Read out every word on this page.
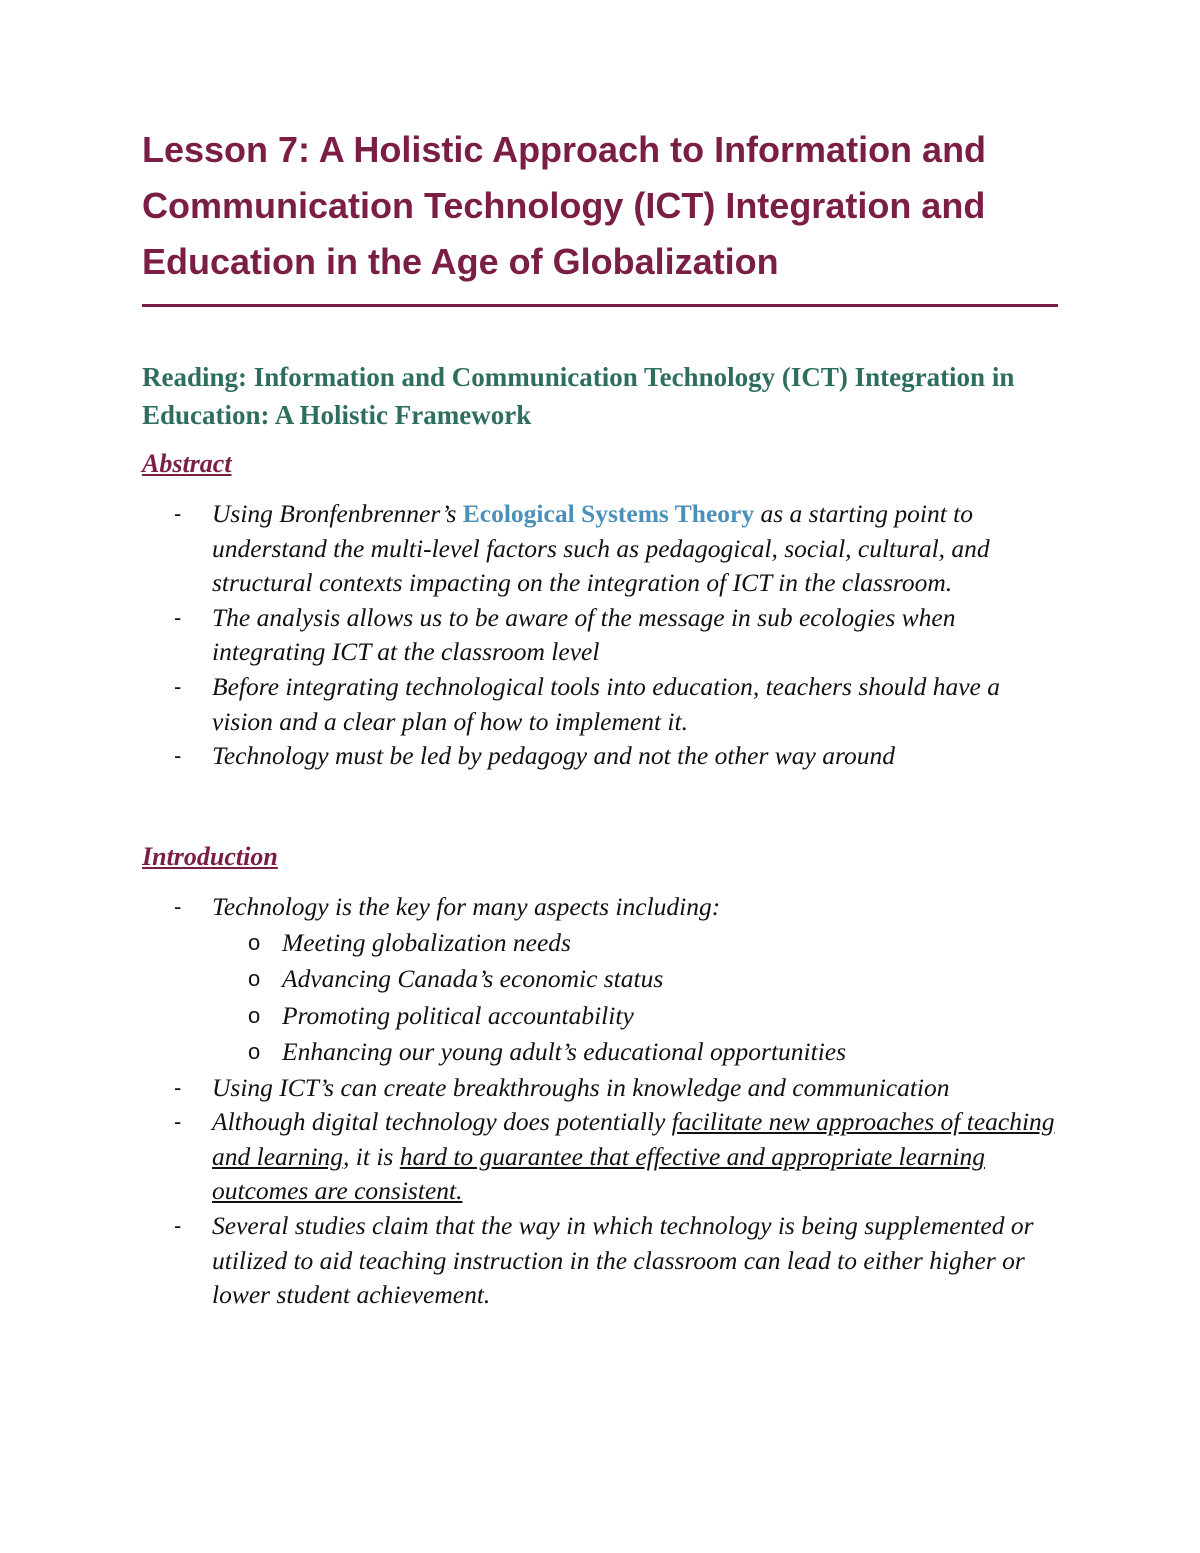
Lesson 7: A Holistic Approach to Information and Communication Technology (ICT) Integration and Education in the Age of Globalization
Reading: Information and Communication Technology (ICT) Integration in Education: A Holistic Framework
Abstract
- Using Bronfenbrenner’s Ecological Systems Theory as a starting point to understand the multi-level factors such as pedagogical, social, cultural, and structural contexts impacting on the integration of ICT in the classroom.
- The analysis allows us to be aware of the message in sub ecologies when integrating ICT at the classroom level
- Before integrating technological tools into education, teachers should have a vision and a clear plan of how to implement it.
- Technology must be led by pedagogy and not the other way around
Introduction
- Technology is the key for many aspects including:
o Meeting globalization needs
o Advancing Canada’s economic status
o Promoting political accountability
o Enhancing our young adult’s educational opportunities
- Using ICT’s can create breakthroughs in knowledge and communication
- Although digital technology does potentially facilitate new approaches of teaching and learning, it is hard to guarantee that effective and appropriate learning outcomes are consistent.
- Several studies claim that the way in which technology is being supplemented or utilized to aid teaching instruction in the classroom can lead to either higher or lower student achievement.
